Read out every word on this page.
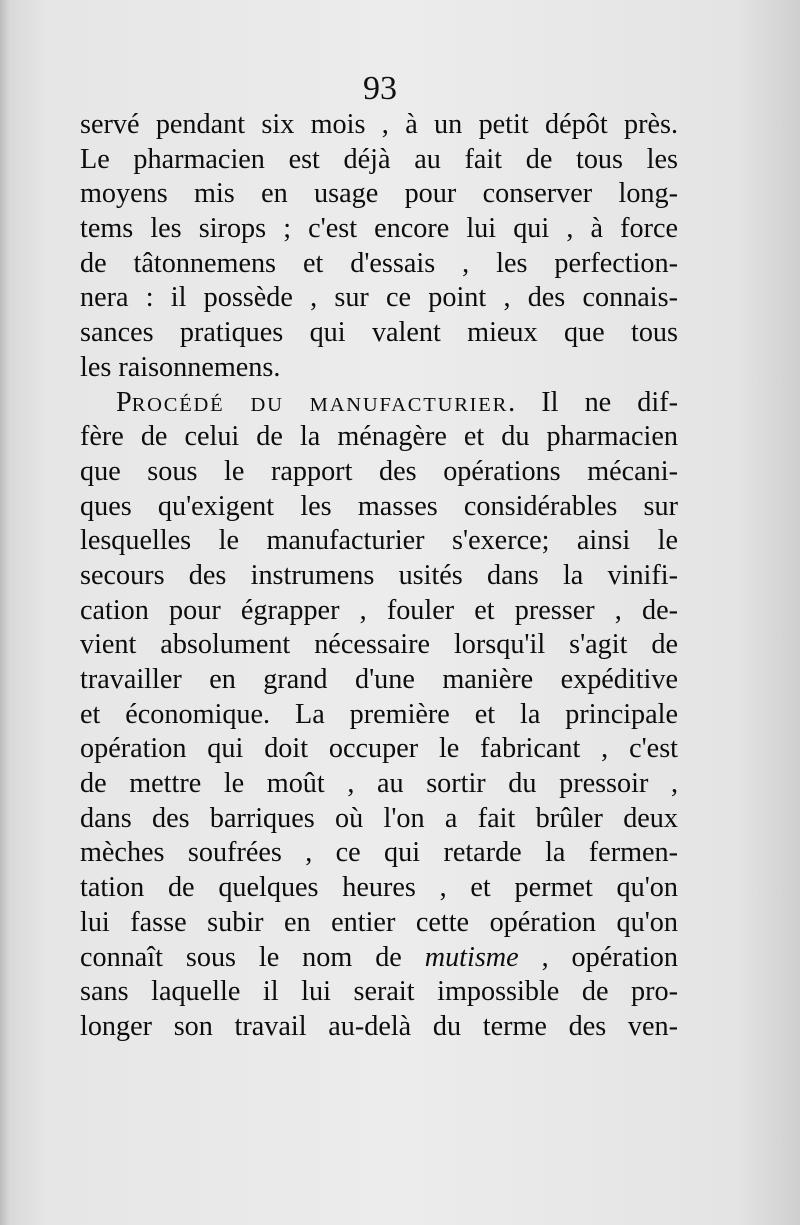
93
servé pendant six mois , à un petit dépôt près.
Le pharmacien est déjà au fait de tous les
moyens mis en usage pour conserver long-
tems les sirops ; c'est encore lui qui , à force
de tâtonnemens et d'essais , les perfection-
nera : il possède , sur ce point , des connais-
sances pratiques qui valent mieux que tous
les raisonnemens.
PROCÉDÉ DU MANUFACTURIER. Il ne dif-
fère de celui de la ménagère et du pharmacien
que sous le rapport des opérations mécani-
ques qu'exigent les masses considérables sur
lesquelles le manufacturier s'exerce; ainsi le
secours des instrumens usités dans la vinifi-
cation pour égrapper , fouler et presser , de-
vient absolument nécessaire lorsqu'il s'agit de
travailler en grand d'une manière expéditive
et économique. La première et la principale
opération qui doit occuper le fabricant , c'est
de mettre le moût , au sortir du pressoir ,
dans des barriques où l'on a fait brûler deux
mèches soufrées , ce qui retarde la fermen-
tation de quelques heures , et permet qu'on
lui fasse subir en entier cette opération qu'on
connaît sous le nom de mutisme , opération
sans laquelle il lui serait impossible de pro-
longer son travail au-delà du terme des ven-
